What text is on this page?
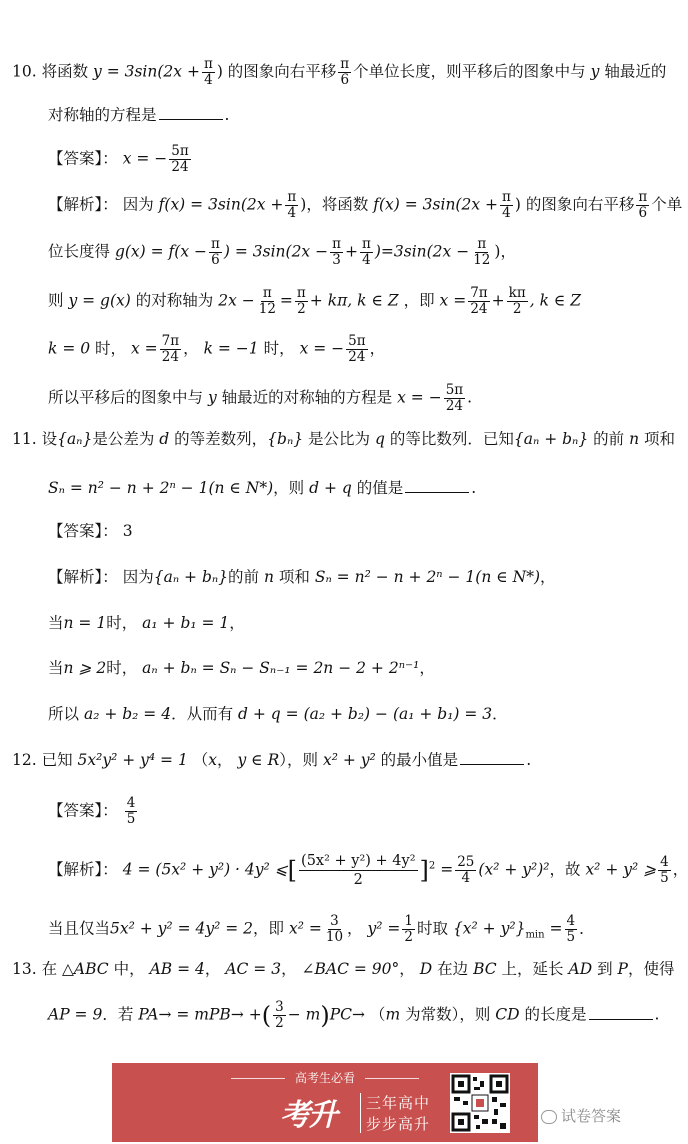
10. 将函数 $y = 3\sin(2x + \frac{\pi}{4}$ ) 的图象向右平移 $\frac{\pi}{6}$ 个单位长度，则平移后的图象中与 y 轴最近的
对称轴的方程是	.
【答案】： x = − $\frac{5\pi}{24}$
【解析】： 因为 $f(x) = 3\sin(2x + \frac{\pi}{4}$ )，将函数 $f(x) = 3\sin(2x + \frac{\pi}{4}$ ) 的图象向右平移 $\frac{\pi}{6}$ 个单
位长度得 $g(x) = f(x - \frac{\pi}{6}$ ) = $3\sin(2x - \frac{\pi}{3} + \frac{\pi}{4} )=3\sin(2x - \frac{\pi}{12}$ )，
则 y = g(x) 的对称轴为 $2x - \frac{\pi}{12} = \frac{\pi}{2} + k\pi$, k ∈ Z ，即 $x = \frac{7\pi}{24} + \frac{k\pi}{2}$ , k ∈ Z
k = 0 时， $x = \frac{7\pi}{24}$ ， k = −1 时， x = − $\frac{5\pi}{24}$ ，
所以平移后的图象中与 y 轴最近的对称轴的方程是 x = − $\frac{5\pi}{24}$ .
11. 设{aₙ}是公差为 d 的等差数列，{bₙ} 是公比为 q 的等比数列．已知{aₙ + bₙ} 的前 n 项和
Sₙ = n² − n + 2ⁿ − 1(n ∈ N*)，则 d + q 的值是	.
【答案】： 3
【解析】： 因为{aₙ + bₙ}的前 n 项和 Sₙ = n² − n + 2ⁿ − 1(n ∈ N*)，
当n = 1时， a₁ + b₁ = 1，
当n ⩾ 2时， aₙ + bₙ = Sₙ − Sₙ₋₁ = 2n − 2 + 2ⁿ⁻¹，
所以 a₂ + b₂ = 4．从而有 d + q = (a₂ + b₂) − (a₁ + b₁) = 3．
12. 已知 5x²y² + y⁴ = 1 （x， y ∈ R），则 x² + y² 的最小值是	.
【答案】： $\frac{4}{5}$
【解析】： 4 = (5x² + y²) · 4y² ⩽[ $\frac{\text{(5x² + y²) + 4y²}}{2} ]^2 = \frac{25}{4} (x^2 + y^2)^2$，故 x² + y² ⩾ $\frac{4}{5}$ ，
当且仅当5x² + y² = 4y² = 2，即 $x^2 = \frac{3}{10}$ ， $y^2 = \frac{1}{2}$ 时取 $\{x^2 + y^2\}_{min} = \frac{4}{5}$ ．
13. 在 △ABC 中， AB = 4， AC = 3， ∠BAC = 90°， D 在边 BC 上，延长 AD 到 P，使得
AP = 9．若 PA→ = mPB→ +( $\frac{3}{2} - m)PC\to (m$ 为常数），则 CD 的长度是	.
高考生必看
考升 三年高中
步步高升	试卷答案
